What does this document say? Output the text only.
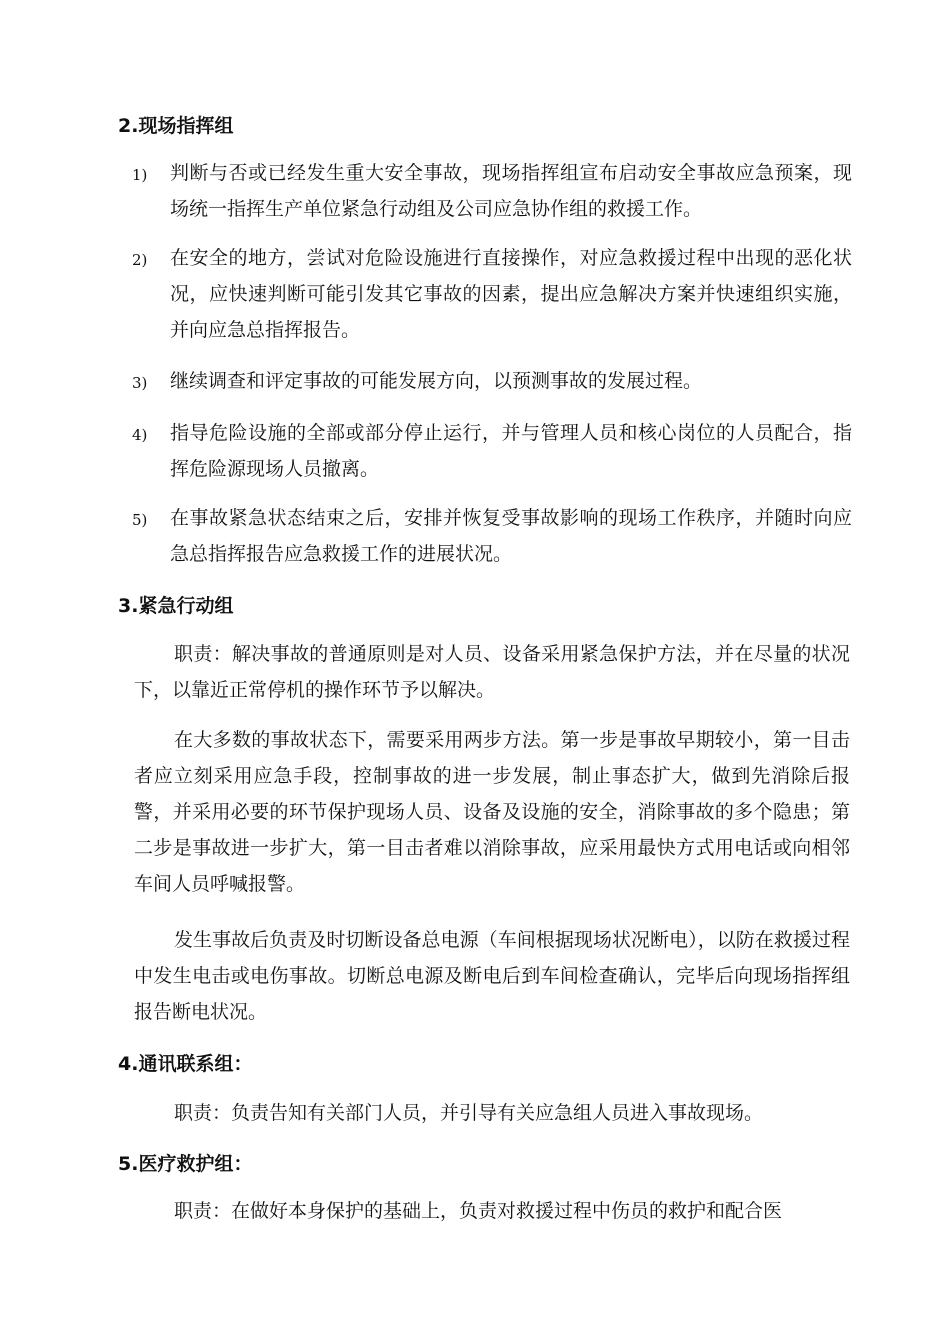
2.现场指挥组
1) 判断与否或已经发生重大安全事故，现场指挥组宣布启动安全事故应急预案，现场统一指挥生产单位紧急行动组及公司应急协作组的救援工作。
2) 在安全的地方，尝试对危险设施进行直接操作，对应急救援过程中出现的恶化状况，应快速判断可能引发其它事故的因素，提出应急解决方案并快速组织实施，并向应急总指挥报告。
3) 继续调查和评定事故的可能发展方向，以预测事故的发展过程。
4) 指导危险设施的全部或部分停止运行，并与管理人员和核心岗位的人员配合，指挥危险源现场人员撤离。
5) 在事故紧急状态结束之后，安排并恢复受事故影响的现场工作秩序，并随时向应急总指挥报告应急救援工作的进展状况。
3.紧急行动组
职责：解决事故的普通原则是对人员、设备采用紧急保护方法，并在尽量的状况下，以靠近正常停机的操作环节予以解决。
在大多数的事故状态下，需要采用两步方法。第一步是事故早期较小，第一目击者应立刻采用应急手段，控制事故的进一步发展，制止事态扩大，做到先消除后报警，并采用必要的环节保护现场人员、设备及设施的安全，消除事故的多个隐患；第二步是事故进一步扩大，第一目击者难以消除事故，应采用最快方式用电话或向相邻车间人员呼喊报警。
发生事故后负责及时切断设备总电源（车间根据现场状况断电），以防在救援过程中发生电击或电伤事故。切断总电源及断电后到车间检查确认，完毕后向现场指挥组报告断电状况。
4.通讯联系组：
职责：负责告知有关部门人员，并引导有关应急组人员进入事故现场。
5.医疗救护组：
职责：在做好本身保护的基础上，负责对救援过程中伤员的救护和配合医
